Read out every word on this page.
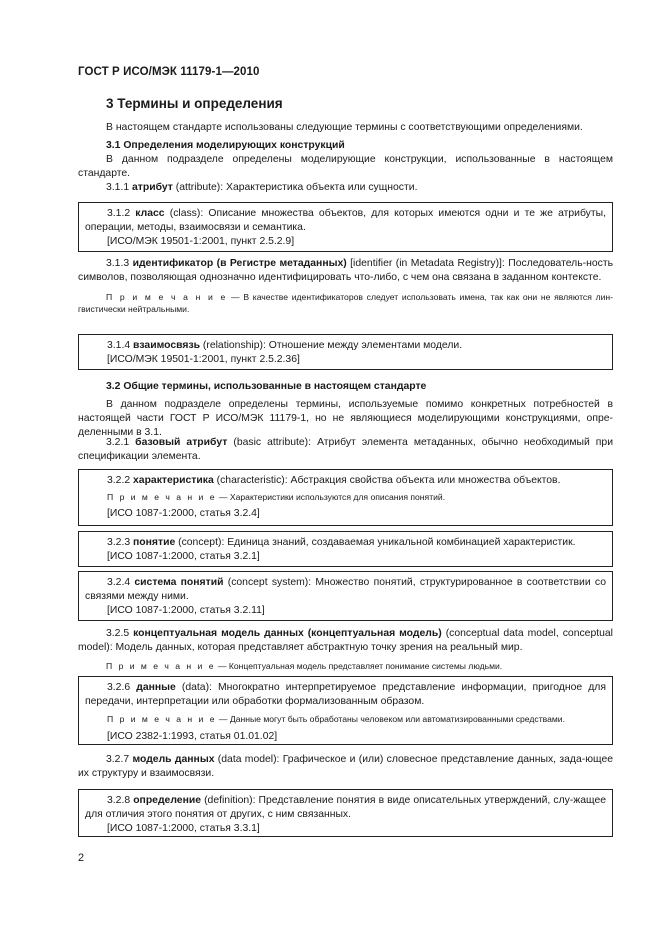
ГОСТ Р ИСО/МЭК 11179-1—2010
3 Термины и определения

В настоящем стандарте использованы следующие термины с соответствующими определениями.

3.1 Определения моделирующих конструкций

В данном подразделе определены моделирующие конструкции, использованные в настоящем стандарте.

3.1.1 атрибут (attribute): Характеристика объекта или сущности.

3.1.2 класс (class): Описание множества объектов, для которых имеются одни и те же атрибуты, операции, методы, взаимосвязи и семантика.

[ИСО/МЭК 19501-1:2001, пункт 2.5.2.9]

3.1.3 идентификатор (в Регистре метаданных) [identifier (in Metadata Registry)]: Последователь-ность символов, позволяющая однозначно идентифицировать что-либо, с чем она связана в заданном контексте.

П р и м е ч а н и е — В качестве идентификаторов следует использовать имена, так как они не являются лин-гвистически нейтральными.

3.1.4 взаимосвязь (relationship): Отношение между элементами модели.

[ИСО/МЭК 19501-1:2001, пункт 2.5.2.36]

3.2 Общие термины, использованные в настоящем стандарте

В данном подразделе определены термины, используемые помимо конкретных потребностей в настоящей части ГОСТ Р ИСО/МЭК 11179-1, но не являющиеся моделирующими конструкциями, опре-деленными в 3.1.

3.2.1 базовый атрибут (basic attribute): Атрибут элемента метаданных, обычно необходимый при спецификации элемента.

3.2.2 характеристика (characteristic): Абстракция свойства объекта или множества объектов.

П р и м е ч а н и е — Характеристики используются для описания понятий.

[ИСО 1087-1:2000, статья 3.2.4]

3.2.3 понятие (concept): Единица знаний, создаваемая уникальной комбинацией характеристик.

[ИСО 1087-1:2000, статья 3.2.1]

3.2.4 система понятий (concept system): Множество понятий, структурированное в соответствии со связями между ними.

[ИСО 1087-1:2000, статья 3.2.11]

3.2.5 концептуальная модель данных (концептуальная модель) (conceptual data model, conceptual model): Модель данных, которая представляет абстрактную точку зрения на реальный мир.

П р и м е ч а н и е — Концептуальная модель представляет понимание системы людьми.

3.2.6 данные (data): Многократно интерпретируемое представление информации, пригодное для передачи, интерпретации или обработки формализованным образом.

П р и м е ч а н и е — Данные могут быть обработаны человеком или автоматизированными средствами.

[ИСО 2382-1:1993, статья 01.01.02]

3.2.7 модель данных (data model): Графическое и (или) словесное представление данных, зада-ющее их структуру и взаимосвязи.

3.2.8 определение (definition): Представление понятия в виде описательных утверждений, слу-жащее для отличия этого понятия от других, с ним связанных.

[ИСО 1087-1:2000, статья 3.3.1]

2
